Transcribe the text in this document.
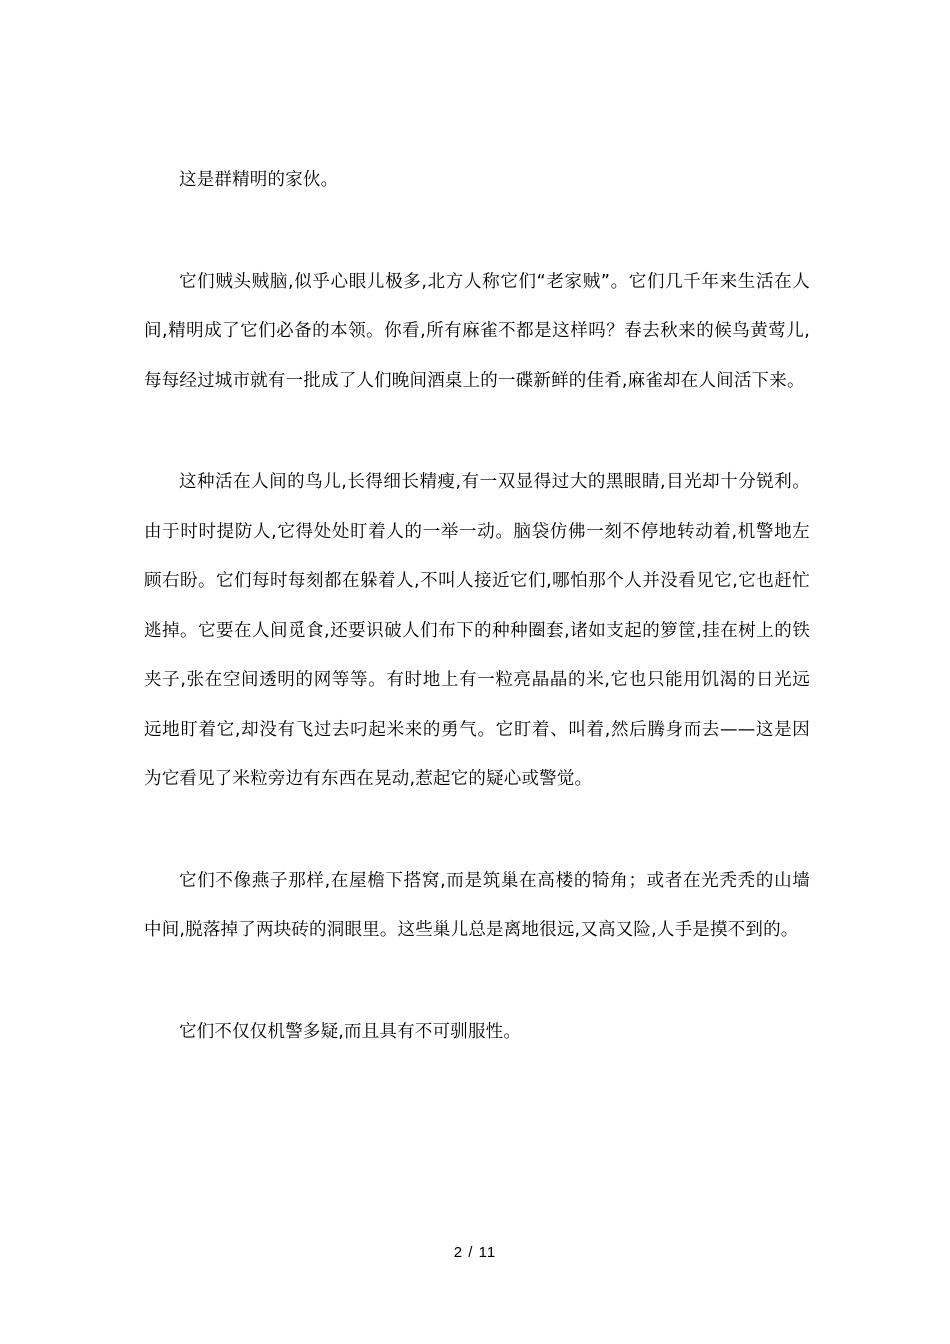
这是群精明的家伙。

它们贼头贼脑,似乎心眼儿极多,北方人称它们“老家贼”。它们几千年来生活在人间,精明成了它们必备的本领。你看,所有麻雀不都是这样吗？春去秋来的候鸟黄莺儿,每每经过城市就有一批成了人们晚间酒桌上的一碟新鲜的佳肴,麻雀却在人间活下来。

这种活在人间的鸟儿,长得细长精瘦,有一双显得过大的黑眼睛,目光却十分锐利。由于时时提防人,它得处处盯着人的一举一动。脑袋仿佛一刻不停地转动着,机警地左顾右盼。它们每时每刻都在躲着人,不叫人接近它们,哪怕那个人并没看见它,它也赶忙逃掉。它要在人间觅食,还要识破人们布下的种种圈套,诸如支起的箩筐,挂在树上的铁夹子,张在空间透明的网等等。有时地上有一粒亮晶晶的米,它也只能用饥渴的日光远远地盯着它,却没有飞过去叼起米来的勇气。它盯着、叫着,然后腾身而去——这是因为它看见了米粒旁边有东西在晃动,惹起它的疑心或警觉。

它们不像燕子那样,在屋檐下搭窝,而是筑巢在高楼的犄角；或者在光秃秃的山墙中间,脱落掉了两块砖的洞眼里。这些巢儿总是离地很远,又高又险,人手是摸不到的。

它们不仅仅机警多疑,而且具有不可驯服性。

2 / 11
